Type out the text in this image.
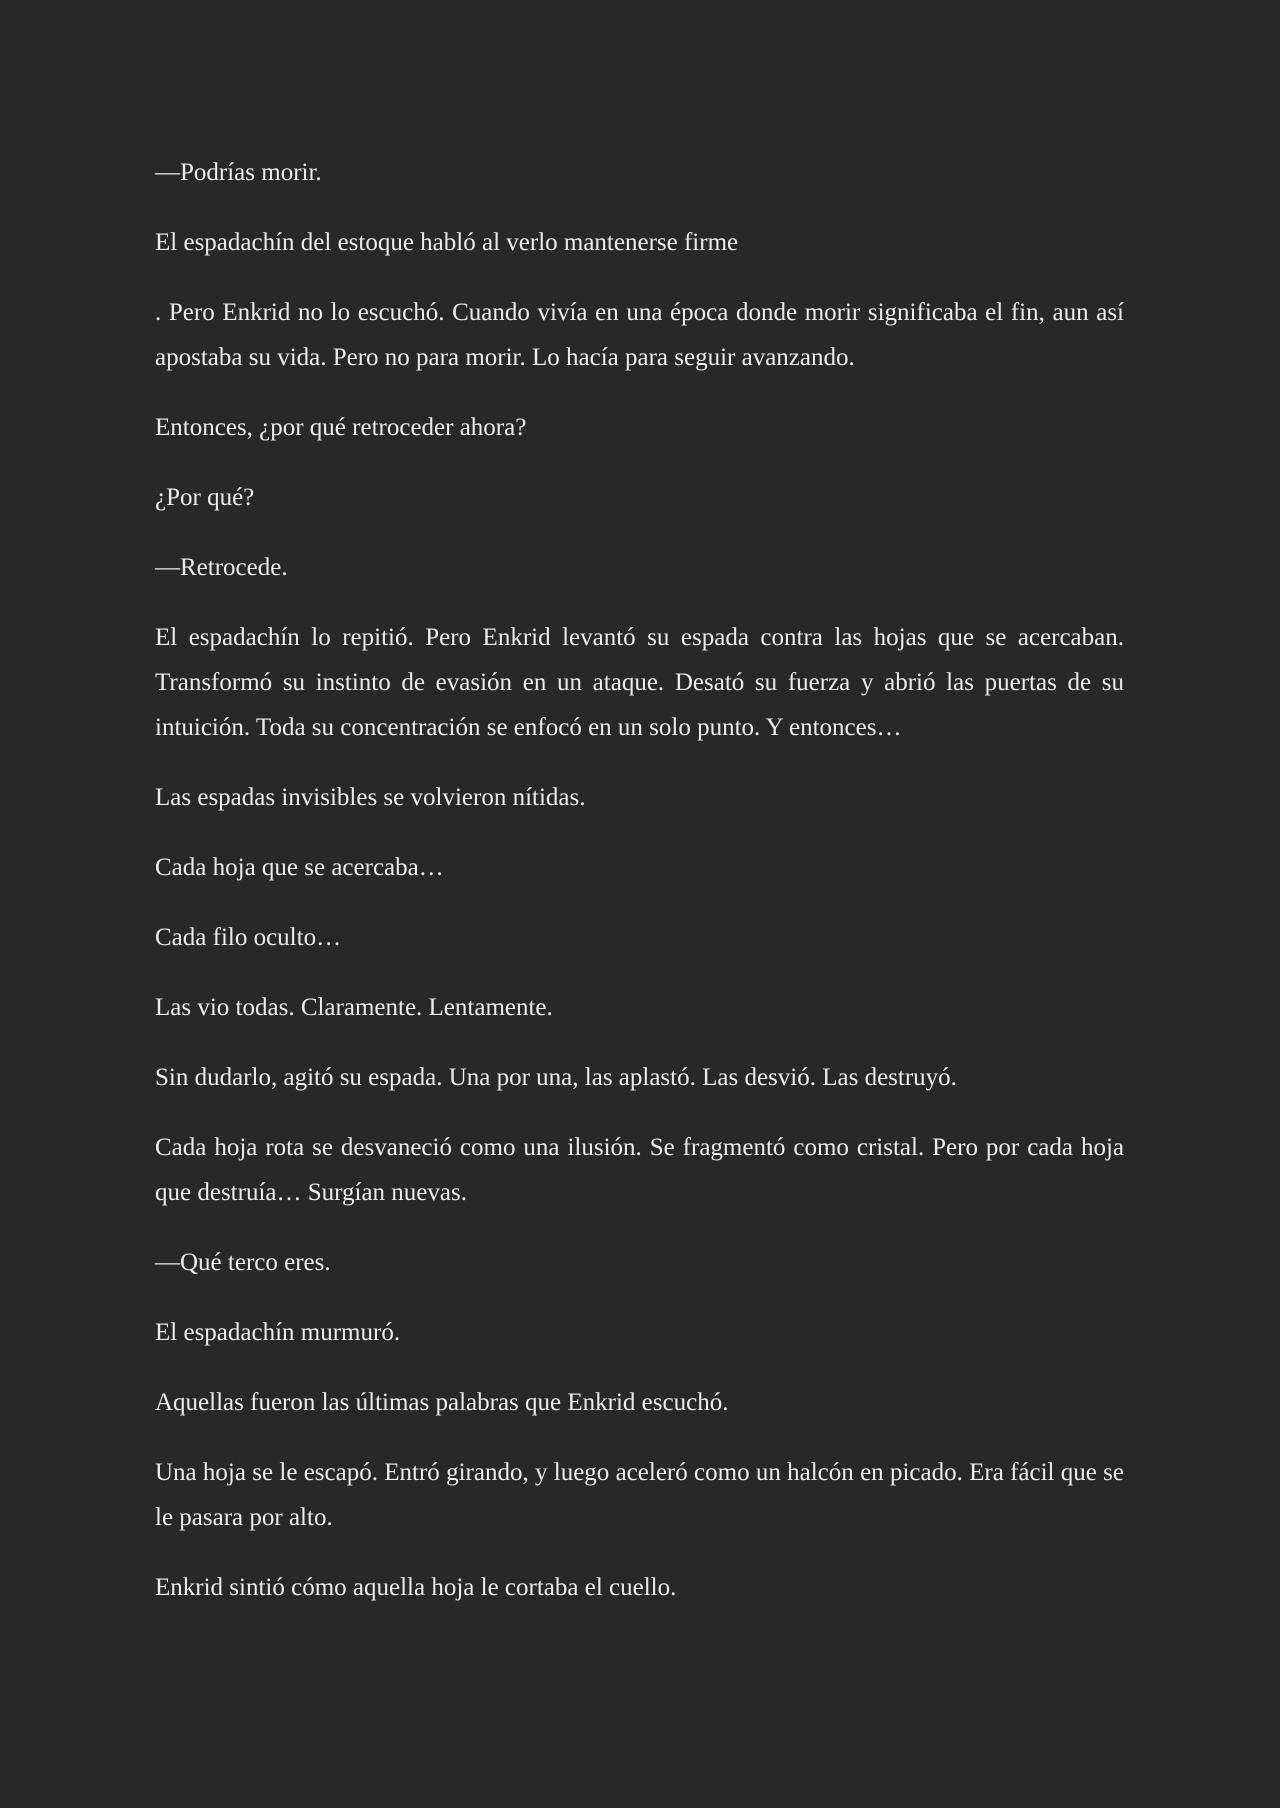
—Podrías morir.

El espadachín del estoque habló al verlo mantenerse firme

. Pero Enkrid no lo escuchó. Cuando vivía en una época donde morir significaba el fin, aun así apostaba su vida. Pero no para morir. Lo hacía para seguir avanzando.

Entonces, ¿por qué retroceder ahora?

¿Por qué?

—Retrocede.

El espadachín lo repitió. Pero Enkrid levantó su espada contra las hojas que se acercaban. Transformó su instinto de evasión en un ataque. Desató su fuerza y abrió las puertas de su intuición. Toda su concentración se enfocó en un solo punto. Y entonces…

Las espadas invisibles se volvieron nítidas.

Cada hoja que se acercaba…

Cada filo oculto…

Las vio todas. Claramente. Lentamente.

Sin dudarlo, agitó su espada. Una por una, las aplastó. Las desvió. Las destruyó.

Cada hoja rota se desvaneció como una ilusión. Se fragmentó como cristal. Pero por cada hoja que destruía… Surgían nuevas.

—Qué terco eres.

El espadachín murmuró.

Aquellas fueron las últimas palabras que Enkrid escuchó.

Una hoja se le escapó. Entró girando, y luego aceleró como un halcón en picado. Era fácil que se le pasara por alto.

Enkrid sintió cómo aquella hoja le cortaba el cuello.
